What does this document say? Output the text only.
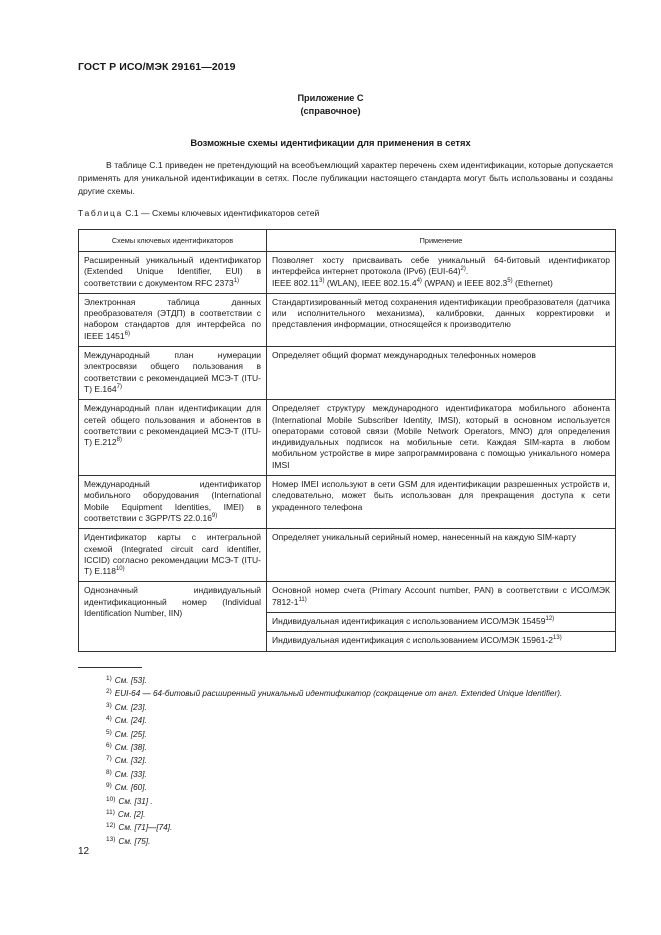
ГОСТ Р ИСО/МЭК 29161—2019
Приложение С
(справочное)
Возможные схемы идентификации для применения в сетях
В таблице С.1 приведен не претендующий на всеобъемлющий характер перечень схем идентификации, которые допускается применять для уникальной идентификации в сетях. После публикации настоящего стандарта могут быть использованы и созданы другие схемы.
Таблица С.1 — Схемы ключевых идентификаторов сетей
Схемы ключевых идентификаторов	Применение
Расширенный уникальный идентификатор (Extended Unique Identifier, EUI) в соответствии с документом RFC 2373$^{1)}$	Позволяет хосту присваивать себе уникальный 64-битовый идентификатор интерфейса интернет протокола (IPv6) $(EUI-64)^{2)}$.
IEEE 802.11$^{3)}$ (WLAN), IEEE 802.15.4$^{4)}$ (WPAN) и IEEE 802.3$^{5)}$ (Ethernet)
Электронная таблица данных преобразователя (ЭТДП) в соответствии с набором стандартов для интерфейса по IEEE 1451$^{6)}$	Стандартизированный метод сохранения идентификации преобразователя (датчика или исполнительного механизма), калибровки, данных корректировки и представления информации, относящейся к производителю
Международный план нумерации электросвязи общего пользования в соответствии с рекомендацией МСЭ-Т (ITU-T) Е.164$^{7)}$	Определяет общий формат международных телефонных номеров
Международный план идентификации для сетей общего пользования и абонентов в соответствии с рекомендацией МСЭ-Т (ITU-T) Е.212$^{8)}$	Определяет структуру международного идентификатора мобильного абонента (International Mobile Subscriber Identity, IMSI), который в основном используется операторами сотовой связи (Mobile Network Operators, MNO) для определения индивидуальных подписок на мобильные сети. Каждая SIM-карта в любом мобильном устройстве в мире запрограммирована с помощью уникального номера IMSI
Международный идентификатор мобильного оборудования (International Mobile Equipment Identities, IMEI) в соответствии с 3GPP/TS 22.0.16$^{9)}$	Номер IMEI используют в сети GSM для идентификации разрешенных устройств и, следовательно, может быть использован для прекращения доступа к сети украденного телефона
Идентификатор карты с интегральной схемой (Integrated circuit card identifier, ICCID) согласно рекомендации МСЭ-Т (ITU-T) Е.118$^{10)}$	Определяет уникальный серийный номер, нанесенный на каждую SIM-карту
Однозначный индивидуальный идентификационный номер (Individual Identification Number, IIN)	Основной номер счета (Primary Account number, PAN) в соответствии с ИСО/МЭК 7812-1$^{11)}$
	Индивидуальная идентификация с использованием ИСО/МЭК 15459$^{12)}$
	Индивидуальная идентификация с использованием ИСО/МЭК 15961-2$^{13)}$
$^{1)}$ См. [53].
$^{2)}$ EUI-64 — 64-битовый расширенный уникальный идентификатор (сокращение от англ. Extended Unique Identifier).
$^{3)}$ См. [23].
$^{4)}$ См. [24].
$^{5)}$ См. [25].
$^{6)}$ См. [38].
$^{7)}$ См. [32].
$^{8)}$ См. [33].
$^{9)}$ См. [60].
$^{10)}$ См. [31] .
$^{11)}$ См. [2].
$^{12)}$ См. [71]—[74].
$^{13)}$ См. [75].
12
